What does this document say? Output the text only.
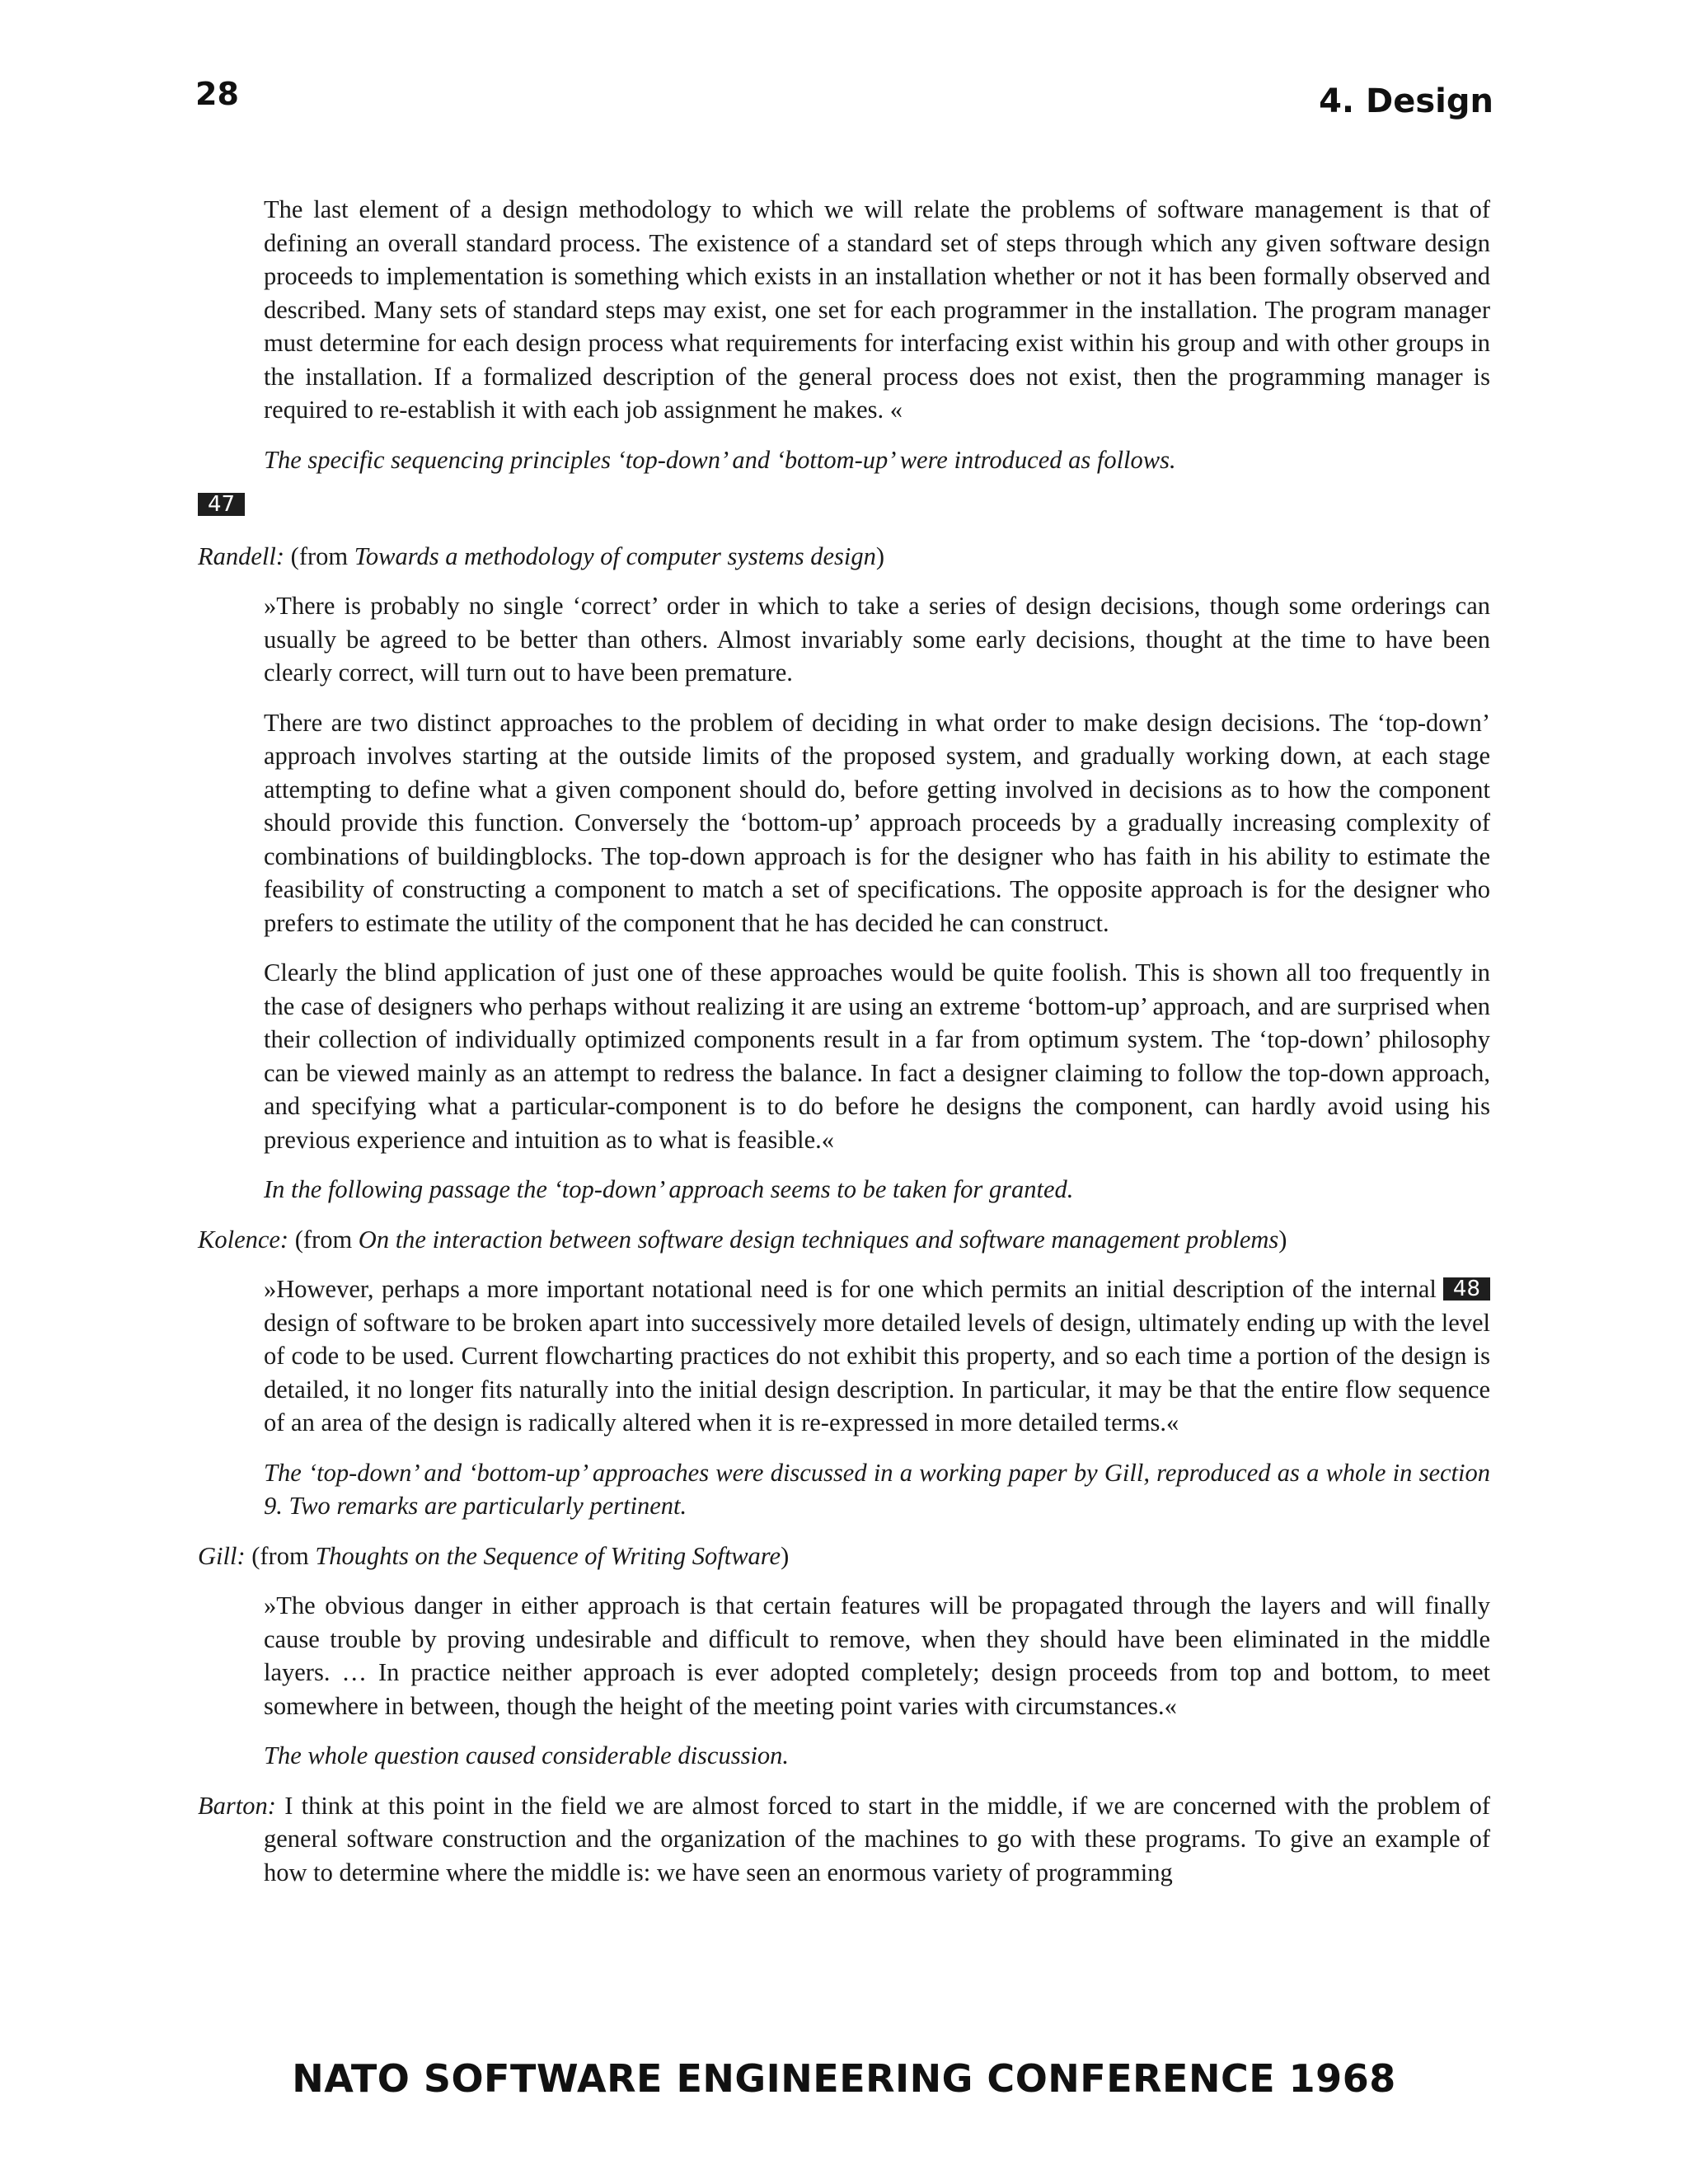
28	4. Design

The last element of a design methodology to which we will relate the problems of software management is that of defining an overall standard process. The existence of a standard set of steps through which any given software design proceeds to implementation is something which exists in an installation whether or not it has been formally observed and described. Many sets of standard steps may exist, one set for each programmer in the installation. The program manager must determine for each design process what requirements for interfacing exist within his group and with other groups in the installation. If a formalized description of the general process does not exist, then the programming manager is required to re-establish it with each job assignment he makes. «

The specific sequencing principles ‘top-down’ and ‘bottom-up’ were introduced as follows.

47

Randell: (from Towards a methodology of computer systems design)

»There is probably no single ‘correct’ order in which to take a series of design decisions, though some orderings can usually be agreed to be better than others. Almost invariably some early decisions, thought at the time to have been clearly correct, will turn out to have been premature.

There are two distinct approaches to the problem of deciding in what order to make design decisions. The ‘top-down’ approach involves starting at the outside limits of the proposed system, and gradually working down, at each stage attempting to define what a given component should do, before getting involved in decisions as to how the component should provide this function. Conversely the ‘bottom-up’ approach proceeds by a gradually increasing complexity of combinations of buildingblocks. The top-down approach is for the designer who has faith in his ability to estimate the feasibility of constructing a component to match a set of specifications. The opposite approach is for the designer who prefers to estimate the utility of the component that he has decided he can construct.

Clearly the blind application of just one of these approaches would be quite foolish. This is shown all too frequently in the case of designers who perhaps without realizing it are using an extreme ‘bottom-up’ approach, and are surprised when their collection of individually optimized components result in a far from optimum system. The ‘top-down’ philosophy can be viewed mainly as an attempt to redress the balance. In fact a designer claiming to follow the top-down approach, and specifying what a particular-component is to do before he designs the component, can hardly avoid using his previous experience and intuition as to what is feasible.«

In the following passage the ‘top-down’ approach seems to be taken for granted.

Kolence: (from On the interaction between software design techniques and software management problems)

48
»However, perhaps a more important notational need is for one which permits an initial description of the internal design of software to be broken apart into successively more detailed levels of design, ultimately ending up with the level of code to be used. Current flowcharting practices do not exhibit this property, and so each time a portion of the design is detailed, it no longer fits naturally into the initial design description. In particular, it may be that the entire flow sequence of an area of the design is radically altered when it is re-expressed in more detailed terms.«

The ‘top-down’ and ‘bottom-up’ approaches were discussed in a working paper by Gill, reproduced as a whole in section 9. Two remarks are particularly pertinent.

Gill: (from Thoughts on the Sequence of Writing Software)

»The obvious danger in either approach is that certain features will be propagated through the layers and will finally cause trouble by proving undesirable and difficult to remove, when they should have been eliminated in the middle layers. … In practice neither approach is ever adopted completely; design proceeds from top and bottom, to meet somewhere in between, though the height of the meeting point varies with circumstances.«

The whole question caused considerable discussion.

Barton: I think at this point in the field we are almost forced to start in the middle, if we are concerned with the problem of general software construction and the organization of the machines to go with these programs. To give an example of how to determine where the middle is: we have seen an enormous variety of programming

NATO SOFTWARE ENGINEERING CONFERENCE 1968
